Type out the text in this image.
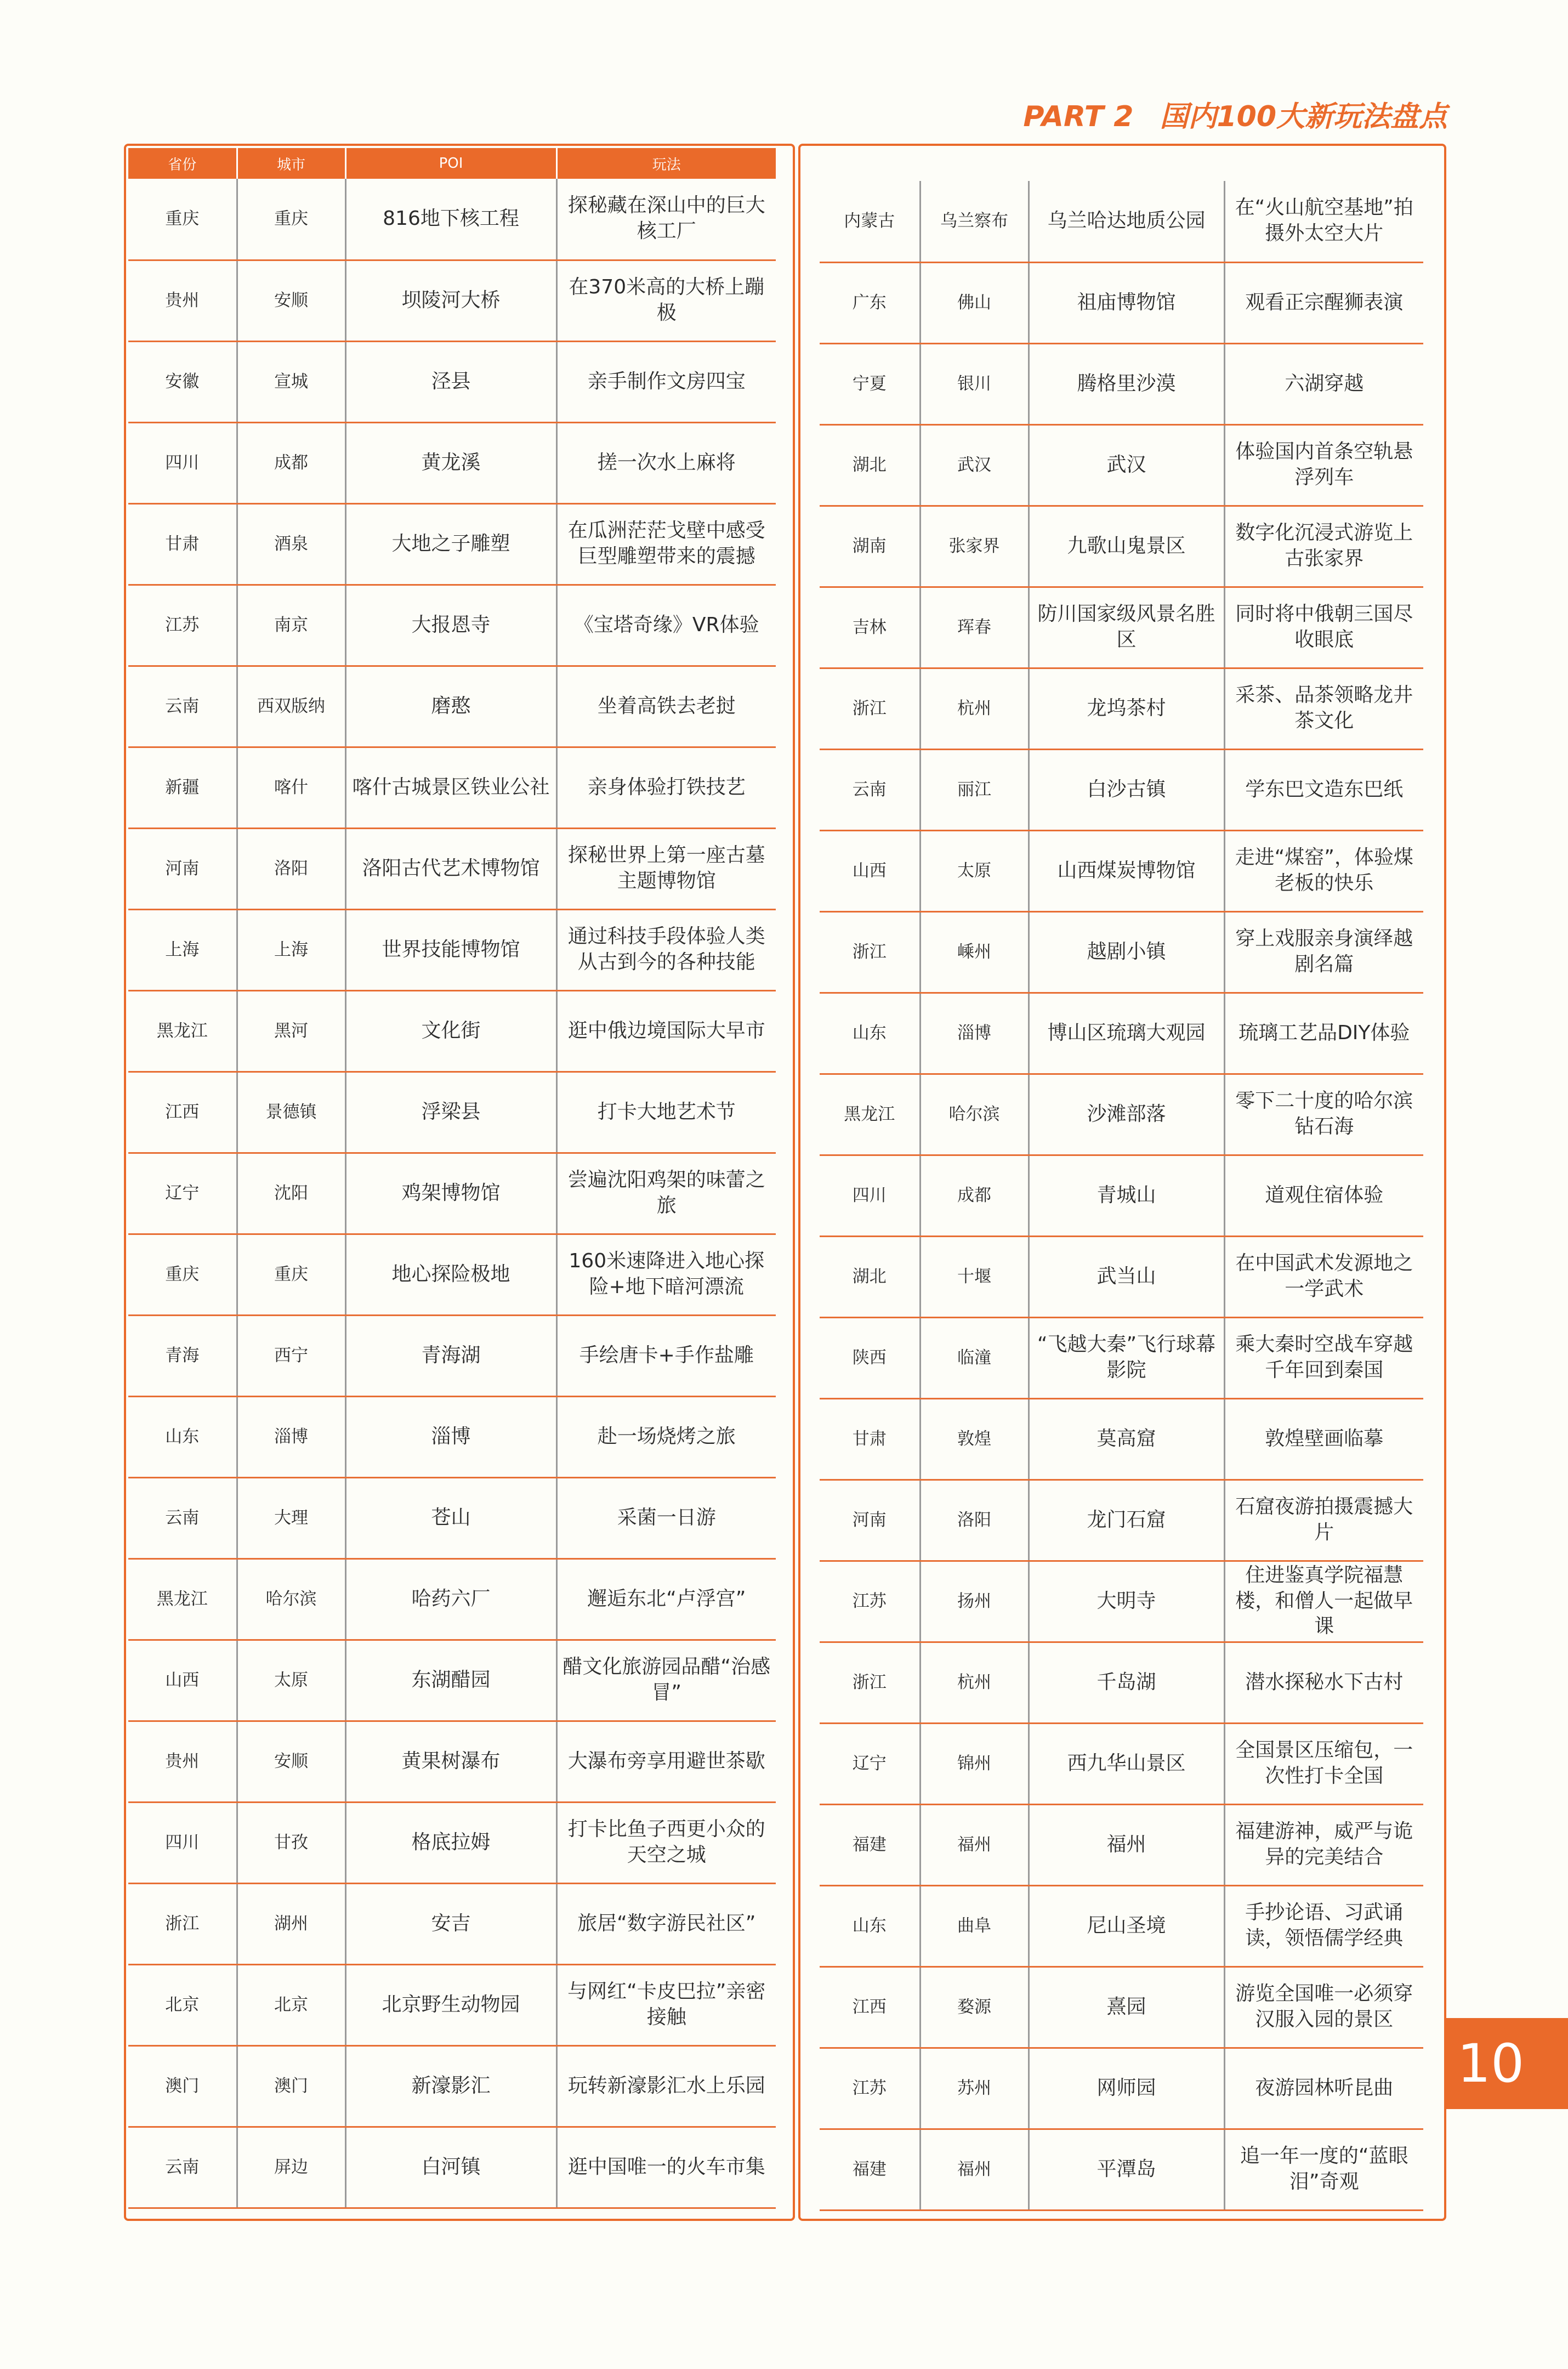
PART 2 国内100大新玩法盘点
省份	城市	POI	玩法
重庆	重庆	816地下核工程	探秘藏在深山中的巨大核工厂
贵州	安顺	坝陵河大桥	在370米高的大桥上蹦极
安徽	宣城	泾县	亲手制作文房四宝
四川	成都	黄龙溪	搓一次水上麻将
甘肃	酒泉	大地之子雕塑	在瓜洲茫茫戈壁中感受巨型雕塑带来的震撼
江苏	南京	大报恩寺	《宝塔奇缘》VR体验
云南	西双版纳	磨憨	坐着高铁去老挝
新疆	喀什	喀什古城景区铁业公社	亲身体验打铁技艺
河南	洛阳	洛阳古代艺术博物馆	探秘世界上第一座古墓主题博物馆
上海	上海	世界技能博物馆	通过科技手段体验人类从古到今的各种技能
黑龙江	黑河	文化街	逛中俄边境国际大早市
江西	景德镇	浮梁县	打卡大地艺术节
辽宁	沈阳	鸡架博物馆	尝遍沈阳鸡架的味蕾之旅
重庆	重庆	地心探险极地	160米速降进入地心探险+地下暗河漂流
青海	西宁	青海湖	手绘唐卡+手作盐雕
山东	淄博	淄博	赴一场烧烤之旅
云南	大理	苍山	采菌一日游
黑龙江	哈尔滨	哈药六厂	邂逅东北“卢浮宫”
山西	太原	东湖醋园	醋文化旅游园品醋“治感冒”
贵州	安顺	黄果树瀑布	大瀑布旁享用避世茶歇
四川	甘孜	格底拉姆	打卡比鱼子西更小众的天空之城
浙江	湖州	安吉	旅居“数字游民社区”
北京	北京	北京野生动物园	与网红“卡皮巴拉”亲密接触
澳门	澳门	新濠影汇	玩转新濠影汇水上乐园
云南	屏边	白河镇	逛中国唯一的火车市集
内蒙古	乌兰察布	乌兰哈达地质公园	在“火山航空基地”拍摄外太空大片
广东	佛山	祖庙博物馆	观看正宗醒狮表演
宁夏	银川	腾格里沙漠	六湖穿越
湖北	武汉	武汉	体验国内首条空轨悬浮列车
湖南	张家界	九歌山鬼景区	数字化沉浸式游览上古张家界
吉林	珲春	防川国家级风景名胜区	同时将中俄朝三国尽收眼底
浙江	杭州	龙坞茶村	采茶、品茶领略龙井茶文化
云南	丽江	白沙古镇	学东巴文造东巴纸
山西	太原	山西煤炭博物馆	走进“煤窑”，体验煤老板的快乐
浙江	嵊州	越剧小镇	穿上戏服亲身演绎越剧名篇
山东	淄博	博山区琉璃大观园	琉璃工艺品DIY体验
黑龙江	哈尔滨	沙滩部落	零下二十度的哈尔滨钻石海
四川	成都	青城山	道观住宿体验
湖北	十堰	武当山	在中国武术发源地之一学武术
陕西	临潼	“飞越大秦”飞行球幕影院	乘大秦时空战车穿越千年回到秦国
甘肃	敦煌	莫高窟	敦煌壁画临摹
河南	洛阳	龙门石窟	石窟夜游拍摄震撼大片
江苏	扬州	大明寺	住进鉴真学院福慧楼，和僧人一起做早课
浙江	杭州	千岛湖	潜水探秘水下古村
辽宁	锦州	西九华山景区	全国景区压缩包，一次性打卡全国
福建	福州	福州	福建游神，威严与诡异的完美结合
山东	曲阜	尼山圣境	手抄论语、习武诵读，领悟儒学经典
江西	婺源	熹园	游览全国唯一必须穿汉服入园的景区
江苏	苏州	网师园	夜游园林听昆曲
福建	福州	平潭岛	追一年一度的“蓝眼泪”奇观
10
